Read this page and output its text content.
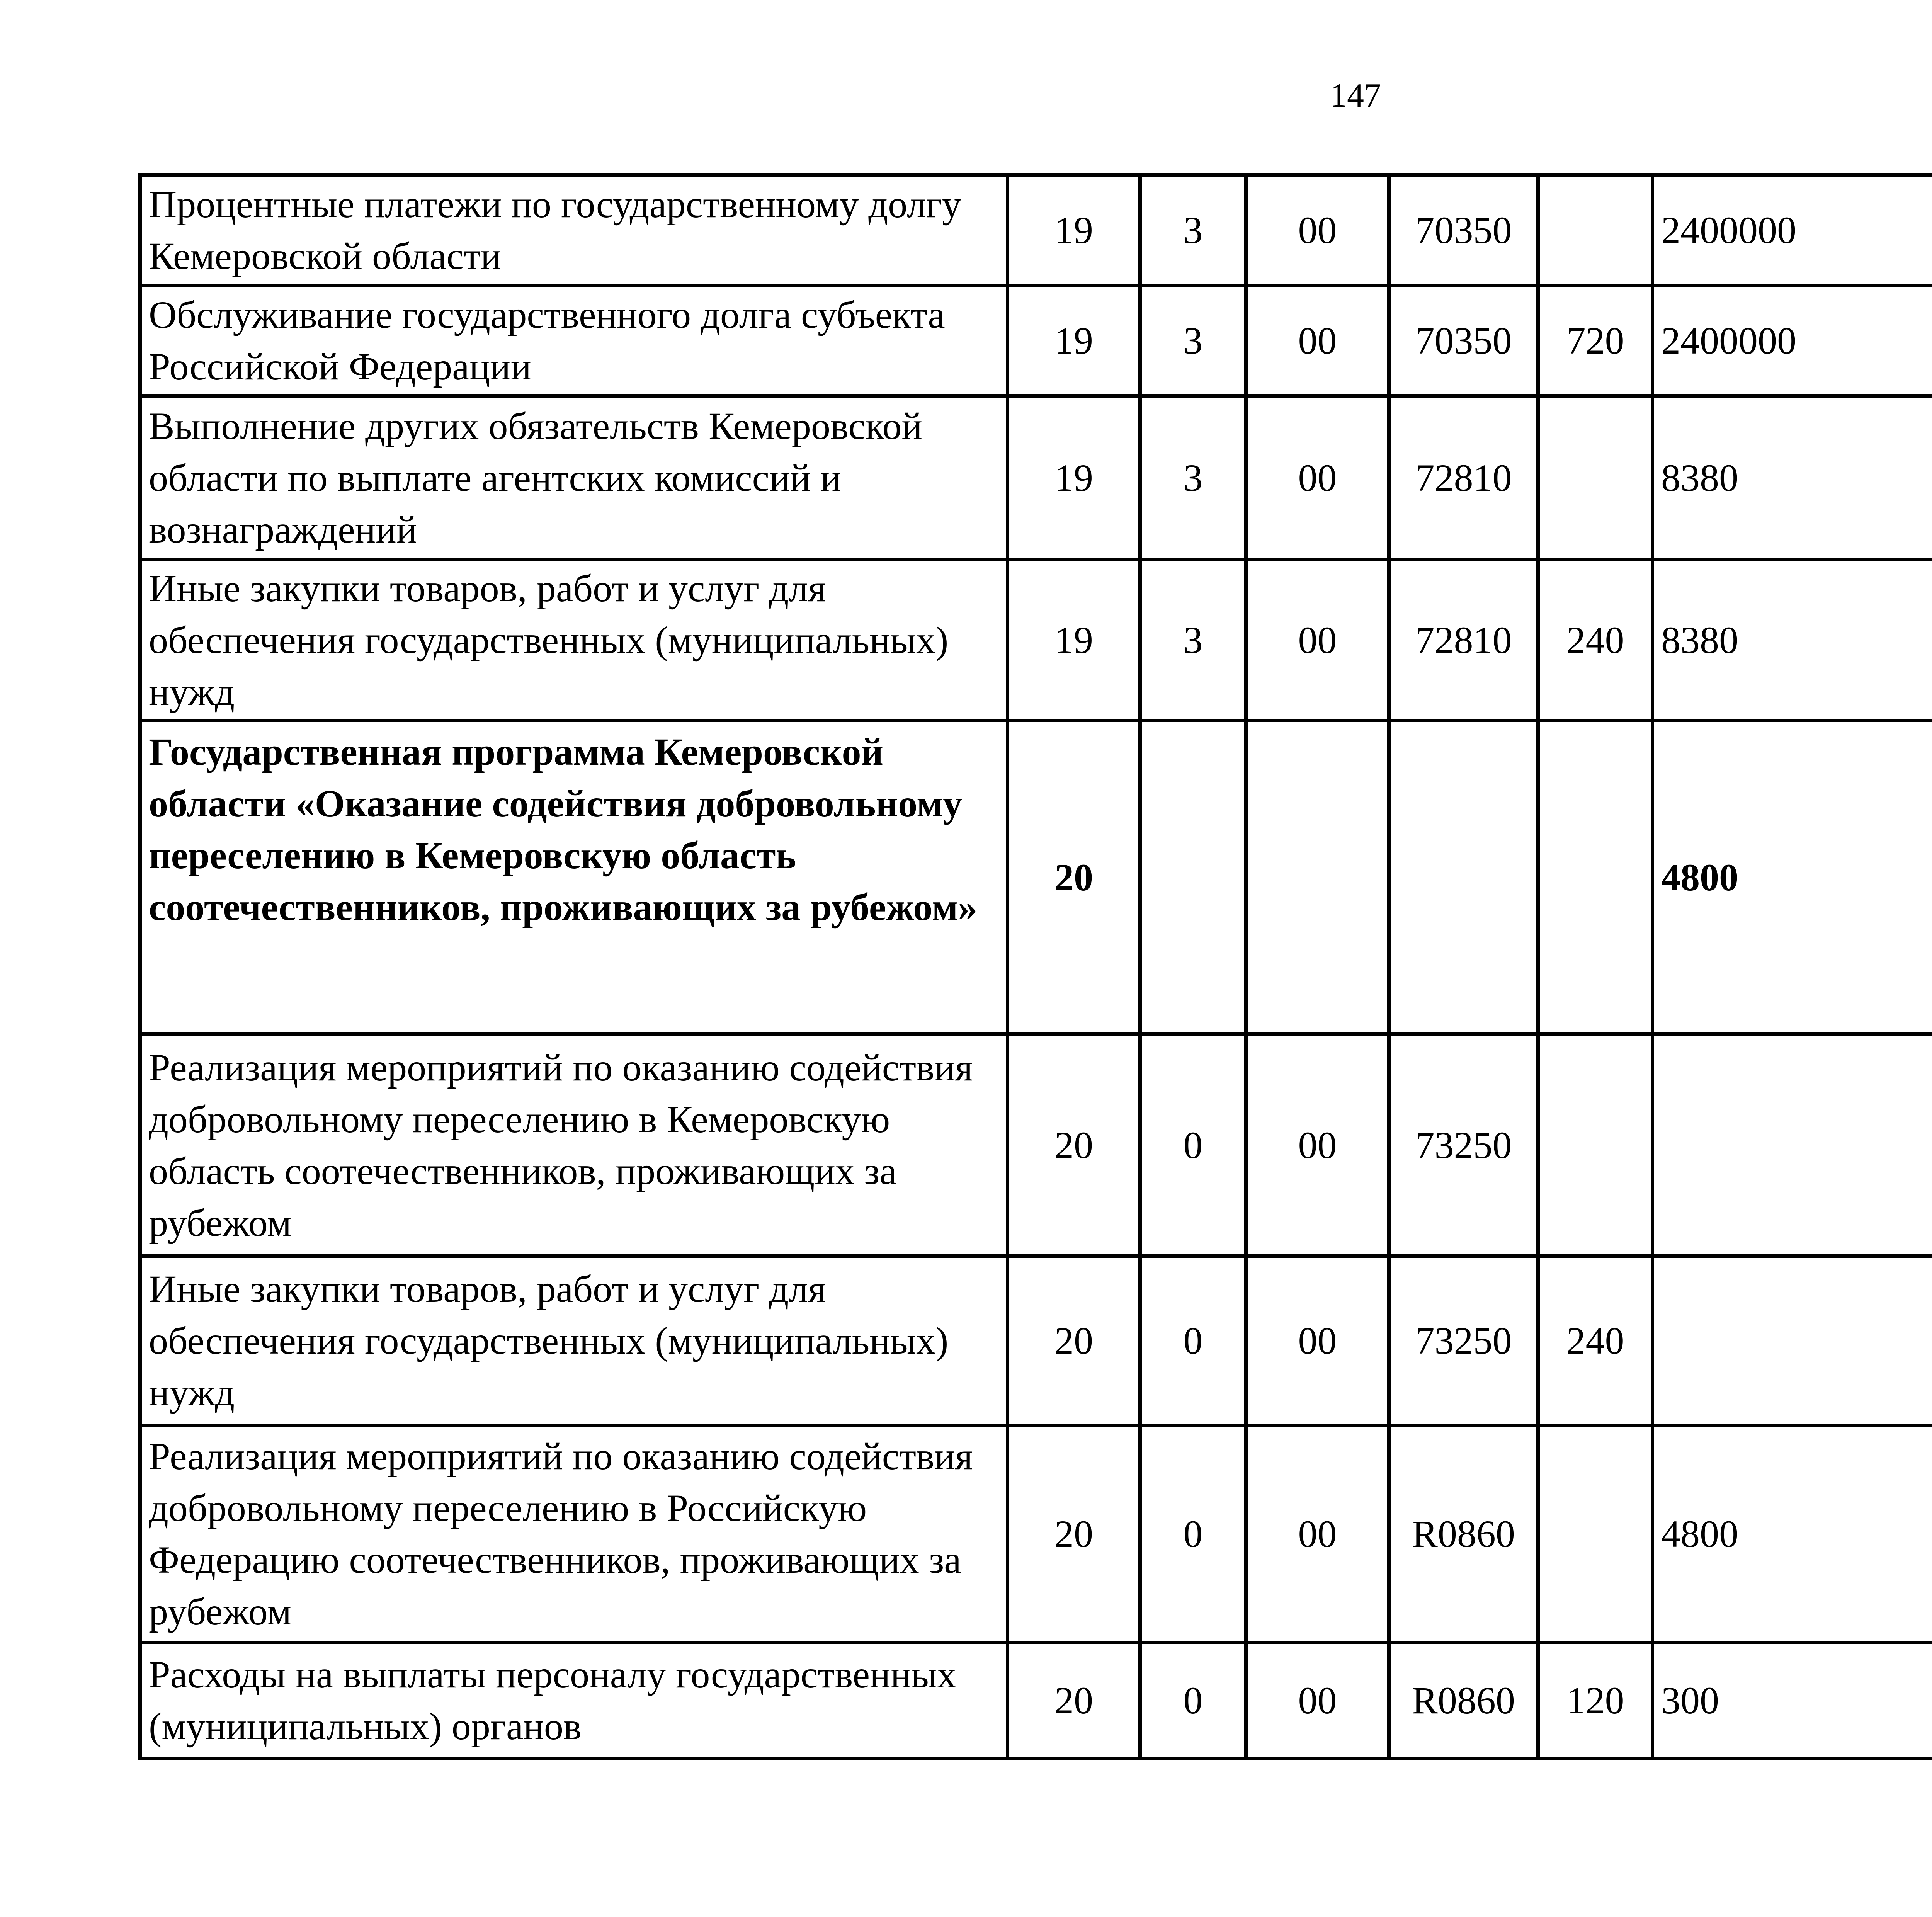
147
Процентные платежи по государственному долгу Кемеровской области	19	3	00	70350		2400000		
Обслуживание государственного долга субъекта Российской Федерации	19	3	00	70350	720	2400000		
Выполнение других обязательств Кемеровской области по выплате агентских комиссий и вознаграждений	19	3	00	72810		8380		
Иные закупки товаров, работ и услуг для обеспечения государственных (муниципальных) нужд	19	3	00	72810	240	8380		
Государственная программа Кемеровской области «Оказание содействия добровольному переселению в Кемеровскую область соотечественников, проживающих за рубежом»	20					4800		
Реализация мероприятий по оказанию содействия добровольному переселению в Кемеровскую область соотечественников, проживающих за рубежом	20	0	00	73250				
Иные закупки товаров, работ и услуг для обеспечения государственных (муниципальных) нужд	20	0	00	73250	240			
Реализация мероприятий по оказанию содействия добровольному переселению в Российскую Федерацию соотечественников, проживающих за рубежом	20	0	00	R0860		4800		
Расходы на выплаты персоналу государственных (муниципальных) органов	20	0	00	R0860	120	300		
